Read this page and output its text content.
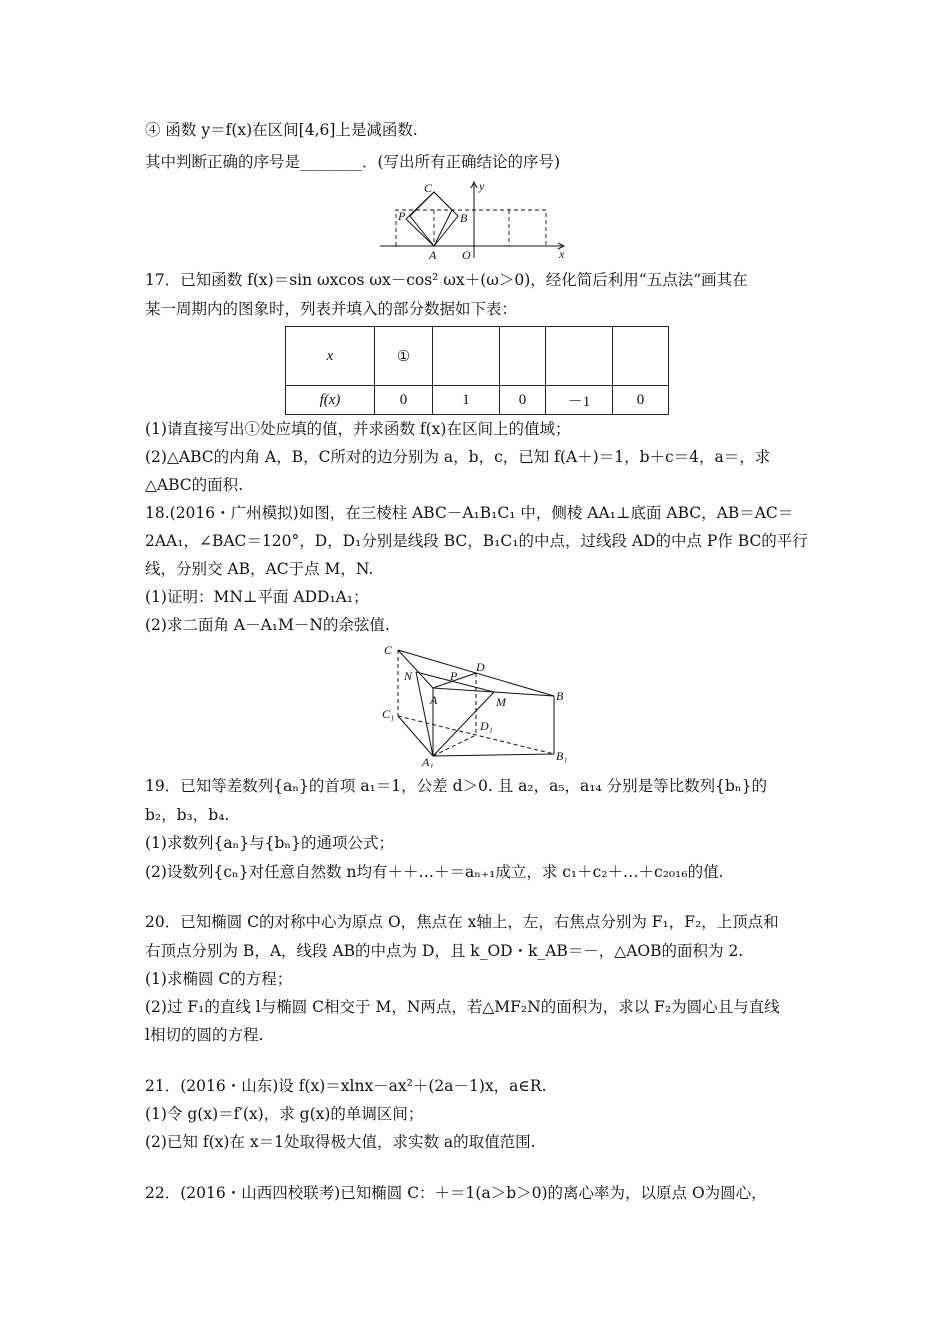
④ 函数 y＝f(x)在区间[4,6]上是减函数.
其中判断正确的序号是________．(写出所有正确结论的序号)
C
P	B
A O	x
y
17．已知函数 f(x)＝sin ωxcos ωx－cos² ωx＋(ω＞0)，经化简后利用“五点法”画其在
某一周期内的图象时，列表并填入的部分数据如下表：
x	①				
f(x)	0	1	0	－1	0
(1)请直接写出①处应填的值，并求函数 f(x)在区间上的值域；
(2)△ABC的内角 A，B，C所对的边分别为 a，b，c，已知 f(A＋)＝1，b＋c＝4，a＝，求
△ABC的面积.
18.(2016・广州模拟)如图，在三棱柱 ABC－A₁B₁C₁ 中，侧棱 AA₁⊥底面 ABC，AB＝AC＝
2AA₁，∠BAC＝120°，D，D₁分别是线段 BC，B₁C₁的中点，过线段 AD的中点 P作 BC的平行
线，分别交 AB，AC于点 M，N.
(1)证明：MN⊥平面 ADD₁A₁；
(2)求二面角 A－A₁M－N的余弦值.
C
D
N	P
B
A	M
C₁
D₁
A₁	B₁
19．已知等差数列{aₙ}的首项 a₁＝1，公差 d＞0. 且 a₂，a₅，a₁₄ 分别是等比数列{bₙ}的
b₂，b₃，b₄.
(1)求数列{aₙ}与{bₙ}的通项公式；
(2)设数列{cₙ}对任意自然数 n均有＋＋…＋＝aₙ₊₁成立，求 c₁＋c₂＋…＋c₂₀₁₆的值.
20．已知椭圆 C的对称中心为原点 O，焦点在 x轴上，左，右焦点分别为 F₁，F₂，上顶点和
右顶点分别为 B，A，线段 AB的中点为 D，且 k_OD・k_AB＝－，△AOB的面积为 2.
(1)求椭圆 C的方程；
(2)过 F₁的直线 l与椭圆 C相交于 M，N两点，若△MF₂N的面积为，求以 F₂为圆心且与直线
l相切的圆的方程.
21．(2016・山东)设 f(x)＝xlnx－ax²＋(2a－1)x，a∈R.
(1)令 g(x)＝f′(x)，求 g(x)的单调区间；
(2)已知 f(x)在 x＝1处取得极大值，求实数 a的取值范围.
22．(2016・山西四校联考)已知椭圆 C：＋＝1(a＞b＞0)的离心率为，以原点 O为圆心，
